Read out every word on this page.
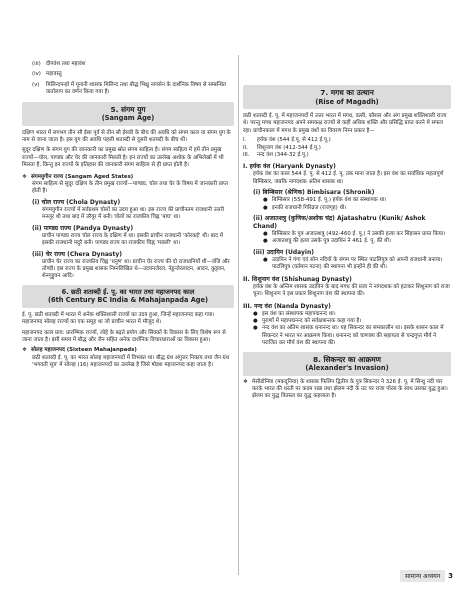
(iii) दीपवंश तथा महावंश
(iv) महावस्तु
(v)	मिलिन्दपन्हो में यूनानी शासक मिलिन्द तथा बौद्ध भिक्षु नागसेन के दार्शनिक विषय से सम्बन्धित वार्तालाप का वर्णन किया गया है।
5. संगम युग
(Sangam Age)

दक्षिण भारत में लगभग तीन सौ ईसा पूर्व से तीन सौ ईसवी के बीच की अवधि को संगम काल या संगम युग के नाम से जाना जाता है। इस युग की अवधि पहली शताब्दी से दूसरी शताब्दी के बीच थी।

सुदूर दक्षिण के संगम युग की जानकारी का प्रमुख स्रोत संगम साहित्य है। संगम साहित्य में हमें तीन प्रमुख राज्यों—चोल, पाण्ड्य और चेर की जानकारी मिलती है। इन राज्यों का उल्लेख अशोक के अभिलेखों में भी मिलता है, किन्तु इन राज्यों के इतिहास की जानकारी संगम साहित्य से ही प्राप्त होती है।

❖ संगमयुगीन राज्य (Sangam Aged States)

संगम साहित्य से सुदूर दक्षिण के तीन प्रमुख राज्यों—पाण्ड्य, चोल तथा चेर के विषय में जानकारी प्राप्त होती है।

(i) चोल राज्य (Chola Dynasty)

संगमयुगीन राज्यों में सर्वप्रथम चोलों का उदय हुआ था। इस राज्य की प्राचीनतम राजधानी उत्तरी मनलूर थी तथा बाद में उरैयूर में बनी। चोलों का राजकीय चिह्न 'बाघ' था।

(ii) पाण्ड्य राज्य (Pandya Dynasty)

प्राचीन पाण्ड्य राज्य चोल राज्य के दक्षिण में था। इसकी प्राचीन राजधानी 'कोरकई' थी। बाद में इसकी राजधानी मदुरै बनी। पाण्ड्य राज्य का राजकीय चिह्न 'मछली' था।

(iii) चेर राज्य (Chera Dynasty)

प्राचीन चेर राज्य का राजकीय चिह्न 'धनुष' था। प्राचीन चेर राज्य की दो राजधानियाँ थी—वंजि और तोण्डी। इस राज्य के प्रमुख शासक निम्नलिखित थे—उदयनजेरल, नेडुन्जेरलादन, आदन, कुट्टवन, शेनगुट्टुवन आदि।

6. छठी शताब्दी ई. पू. का भारत तथा महाजनपद काल
(6th Century BC India & Mahajanpada Age)

ई. पू. छठी शताब्दी में भारत में अनेक शक्तिशाली राज्यों का उदय हुआ, जिन्हें महाजनपद कहा गया। महाजनपद सोलह राज्यों का एक समूह था जो प्राचीन भारत में मौजूद थे।

महाजनपद काल प्राय: प्रारम्भिक राज्यों, लोहे के बढ़ते प्रयोग और सिक्कों के विकास के लिए विशेष रूप से जाना जाता है। इसी समय में बौद्ध और जैन सहित अनेक दार्शनिक विचारधाराओं का विकास हुआ।

❖ सोलह महाजनपद (Sixteen Mahajanpads)

छठी शताब्दी ई. पू. का भारत सोलह महाजनपदों में विभक्त था। बौद्ध ग्रंथ अंगुत्तर निकाय तथा जैन ग्रंथ 'भगवती सूत्र' में सोलह (16) महाजनपदों का उल्लेख है जिसे षोडश महाजनपद कहा जाता है।

7. मगध का उत्थान
(Rise of Magadh)

छठी शताब्दी ई. पू. में महाजनपदों में उत्तर भारत में मगध, वत्सी, कौशल और अंग प्रमुख शक्तिशाली राज्य थे। परन्तु मगध महाजनपद अपने समकक्ष राज्यों से कहीं अधिक शक्ति और प्रसिद्धि प्राप्त करने में सफल रहा। प्राचीनकाल में मगध के प्रमुख वंशों का विवरण निम्न प्रकार है—

I.	हर्यक वंश (544 ई.पू. से 412 ई.पू.)
II.	शिशुनाग वंश (412-344 ई.पू.)
III.	नन्द वंश (344-32 ई.पू.)
I. हर्यक वंश (Haryank Dynasty)

हर्यक वंश का काल 544 ई. पू. से 412 ई. पू. तक माना जाता है। इस वंश का सर्वाधिक महत्वपूर्ण बिम्बिसार, जबकि नागदशक अंतिम शासक था।

(i) बिम्बिसार (श्रेणिक) Bimbisara (Shronik)
● बिम्बिसार (558-491 ई. पू.) हर्यक वंश का संस्थापक था।
● इनकी राजधानी गिरिव्रज (राजगृह) थी।
(ii) अजातशत्रु (कुणिक/अशोक चंद्र) Ajatashatru (Kunik/ Ashok Chand)
● बिम्बिसार के पुत्र अजातशत्रु (492-460 ई. पू.) ने उसकी हत्या कर सिंहासन प्राप्त किया।
● अजातशत्रु की हत्या उसके पुत्र उदायिन ने 461 ई. पू. की थी।
(iii) उदायिन (Udayin)
● उदायिन ने गंगा एवं सोन नदियों के संगम पर स्थित पाटलिपुत्र को अपनी राजधानी बनाया। पाटलिपुत्र (वर्तमान पटना) की स्थापना भी इन्होंने ही की थी।
II. शिशुनाग वंश (Shishunag Dynasty)

हर्यक वंश के अन्तिम शासक उदायिन के बाद मगध की प्रजा ने नागदशक को हटाकर शिशुनाग को राजा चुना। शिशुनाग ने इस प्रकार शिशुनाग वंश की स्थापना की।

III. नन्द वंश (Nanda Dynasty)
● इस वंश का संस्थापक महापद्मनन्द था।
● पुराणों में महापद्मनन्द को सर्वक्षत्रान्तक कहा गया है।
● नन्द वंश का अंतिम शासक धनानन्द था। यह सिकन्दर का समकालीन था। इसके शासन काल में सिकन्दर ने भारत पर आक्रमण किया। धनानन्द को चाणक्य की सहायता से चन्द्रगुप्त मौर्य ने पराजित कर मौर्य वंश की स्थापना की।
8. सिकन्दर का आक्रमण
(Alexander's Invasion)
❖ मेसीडोनिया (मकदूनिया) के शासक फिलिप द्वितीय के पुत्र सिकन्दर ने 326 ई. पू. में सिन्धु नदी पार करके भारत की धरती पर कदम रखा तथा झेलम नदी के तट पर राजा पोरस के साथ उसका युद्ध हुआ। झेलम का युद्ध वितस्ता का युद्ध कहलाता है।
सामान्य अध्ययन	3
